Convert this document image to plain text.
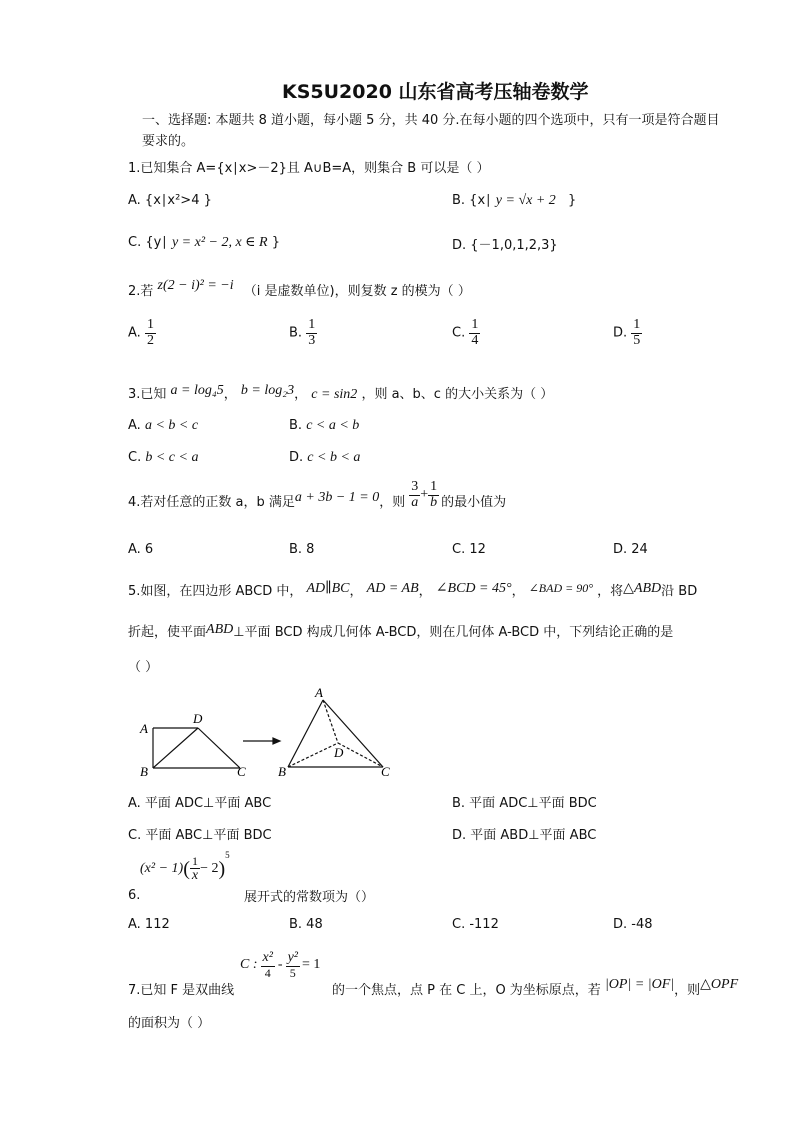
KS5U2020 山东省高考压轴卷数学
一、选择题: 本题共 8 道小题，每小题 5 分，共 40 分.在每小题的四个选项中，只有一项是符合题目
要求的。
1.已知集合 A={x∣x>－2}且 A∪B=A，则集合 B 可以是（ ）
A. {x∣x²>4 }	B. {x∣ y = √x + 2 }
C. {y∣ y = x² − 2, x ∈ R }	D. {－1,0,1,2,3}
2.若 z(2 − i)² = −i （i 是虚数单位)，则复数 z 的模为（ ）
A. $\frac{1}{2}$	B. $\frac{1}{3}$	C. $\frac{1}{4}$	D. $\frac{1}{5}$
3.已知 a = log₄5， b = log₂3， c = sin2 ，则 a、b、c 的大小关系为（ ）
A. a < b < c	B. c < a < b
C. b < c < a	D. c < b < a
4.若对任意的正数 a，b 满足 a + 3b − 1 = 0 ，则 $\frac{3}{a} + \frac{1}{b}$ 的最小值为
A. 6	B. 8	C. 12	D. 24
5.如图，在四边形 ABCD 中， AD∥BC， AD = AB， ∠BCD = 45°， ∠BAD = 90° ，将△ABD沿 BD
折起，使平面ABD⊥平面 BCD 构成几何体 A-BCD，则在几何体 A-BCD 中，下列结论正确的是
（ ）
A
D
B	C
A
D
B	C
A. 平面 ADC⊥平面 ABC	B. 平面 ADC⊥平面 BDC
C. 平面 ABC⊥平面 BDC	D. 平面 ABD⊥平面 ABC
6.
(x² − 1) ( $\frac{1}{x} - 2$ )
5
展开式的常数项为（）
A. 112	B. 48	C. -112	D. -48
7.已知 F 是双曲线
C : $\frac{\text{x²}}{4} - \frac{\text{y²}}{5} = 1$
的一个焦点，点 P 在 C 上，O 为坐标原点，若 |OP| = |OF|，则△OPF
的面积为（ ）
